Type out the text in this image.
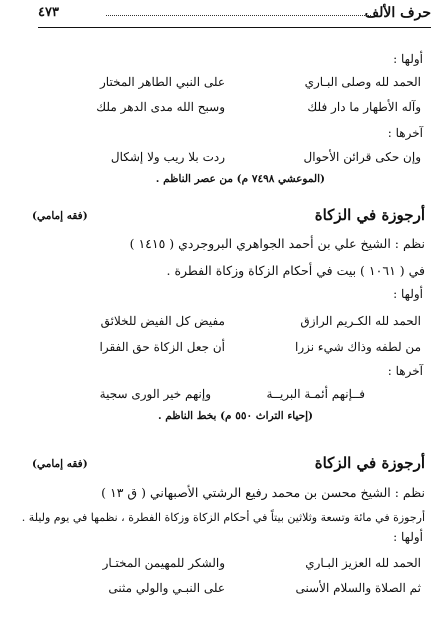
حرف الألف
٤٧٣
أولها :
الحمد لله وصلى البـاري
على النبي الطاهر المختار
وآله الأطهار ما دار فلك
وسبح الله مدى الدهر ملك
آخرها :
وإن حكى قرائن الأحوال
ردت بلا ريب ولا إشكال
(الموعشي ٧٤٩٨ م) من عصر الناظم .
أرجوزة في الزكاة
(فقه إمامي)
نظم : الشيخ علي بن أحمد الجواهري البروجردي ( ١٤١٥ )
في ( ١٠٦١ ) بيت في أحكام الزكاة وزكاة الفطرة .
أولها :
الحمد لله الكـريم الرازق
مفيض كل الفيض للخلائق
من لطفه وذاك شيء نزرا
أن جعل الزكاة حق الفقرا
آخرها :
فــإنهم أئمـة البريــة
وإنهم خير الورى سجية
(إحياء التراث ٥٥٠ م) بخط الناظم .
أرجوزة في الزكاة
(فقه إمامي)
نظم : الشيخ محسن بن محمد رفيع الرشتي الأصبهاني ( ق ١٣ )
أرجوزة في مائة وتسعة وثلاثين بيتاً في أحكام الزكاة وزكاة الفطرة ، نظمها في يوم وليلة .
أولها :
الحمد لله العزيز البـاري
والشكر للمهيمن المختـار
ثم الصلاة والسلام الأسنى
على النبـي والولي مثنى
